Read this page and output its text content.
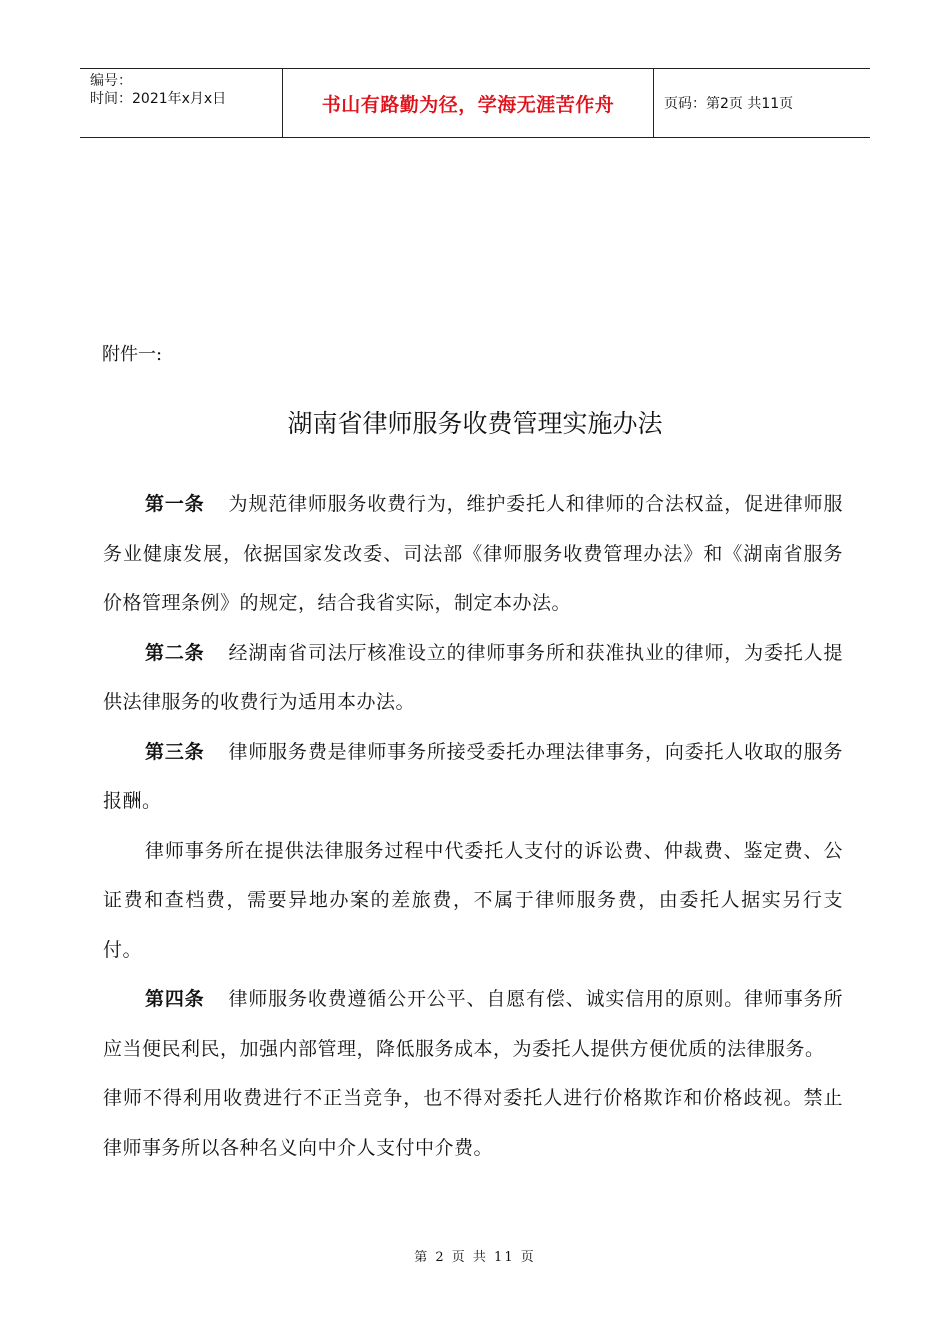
编号：
时间：2021年x月x日	书山有路勤为径，学海无涯苦作舟	页码：第2页 共11页
附件一:
湖南省律师服务收费管理实施办法

第一条 为规范律师服务收费行为，维护委托人和律师的合法权益，促进律师服务业健康发展，依据国家发改委、司法部《律师服务收费管理办法》和《湖南省服务价格管理条例》的规定，结合我省实际，制定本办法。

第二条 经湖南省司法厅核准设立的律师事务所和获准执业的律师，为委托人提供法律服务的收费行为适用本办法。

第三条 律师服务费是律师事务所接受委托办理法律事务，向委托人收取的服务报酬。

律师事务所在提供法律服务过程中代委托人支付的诉讼费、仲裁费、鉴定费、公证费和查档费，需要异地办案的差旅费，不属于律师服务费，由委托人据实另行支付。

第四条 律师服务收费遵循公开公平、自愿有偿、诚实信用的原则。律师事务所应当便民利民，加强内部管理，降低服务成本，为委托人提供方便优质的法律服务。

律师不得利用收费进行不正当竞争，也不得对委托人进行价格欺诈和价格歧视。禁止律师事务所以各种名义向中介人支付中介费。

第 2 页 共 11 页
